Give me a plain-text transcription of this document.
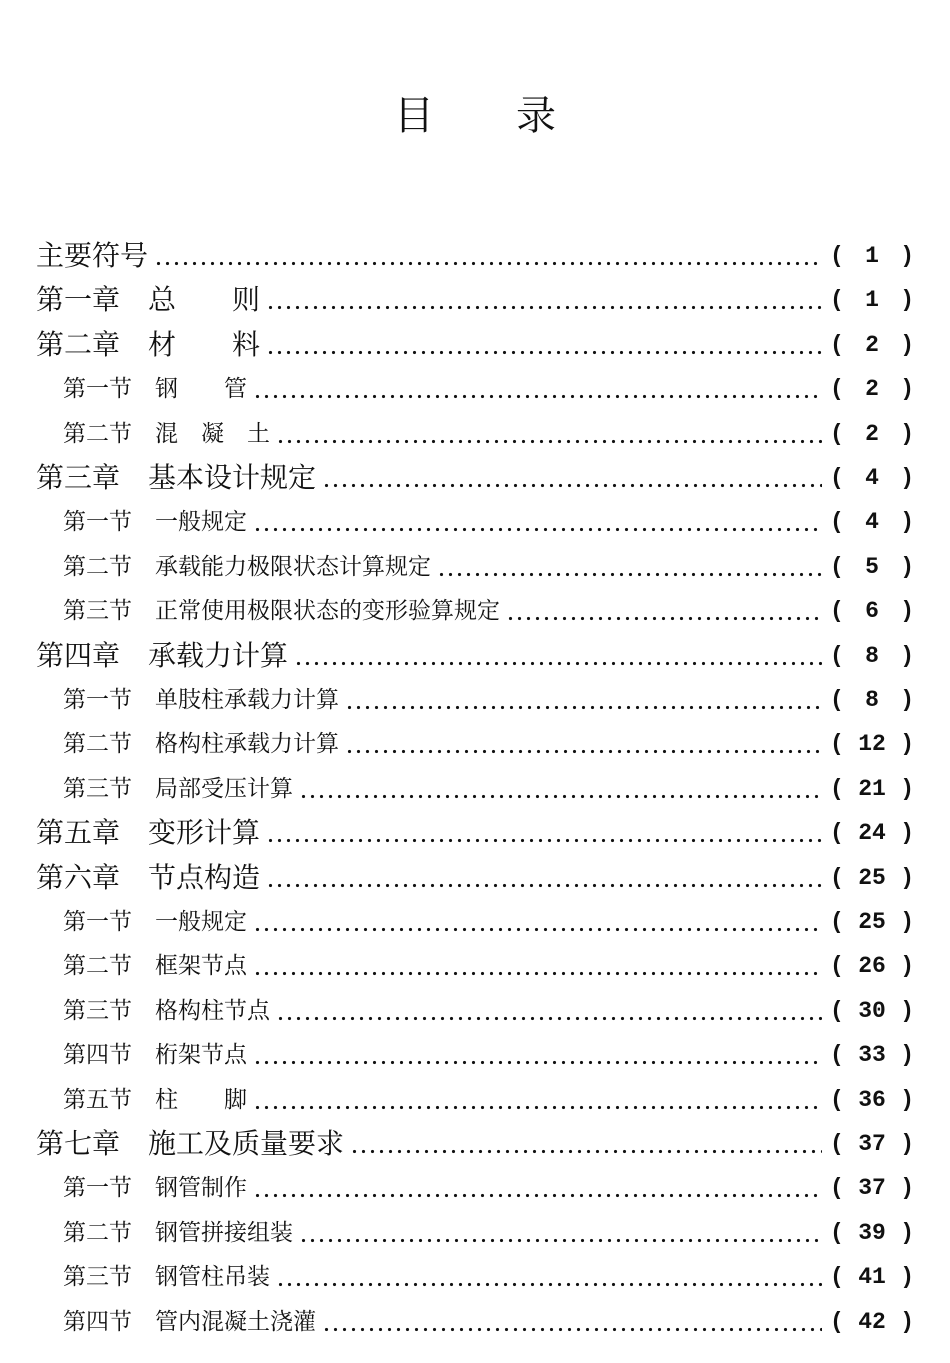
目 录
主要符号	( 1 )
第一章　总　　则	( 1 )
第二章　材　　料	( 2 )
第一节　钢　　管	( 2 )
第二节　混　凝　土	( 2 )
第三章　基本设计规定	( 4 )
第一节　一般规定	( 4 )
第二节　承载能力极限状态计算规定	( 5 )
第三节　正常使用极限状态的变形验算规定	( 6 )
第四章　承载力计算	( 8 )
第一节　单肢柱承载力计算	( 8 )
第二节　格构柱承载力计算	( 12 )
第三节　局部受压计算	( 21 )
第五章　变形计算	( 24 )
第六章　节点构造	( 25 )
第一节　一般规定	( 25 )
第二节　框架节点	( 26 )
第三节　格构柱节点	( 30 )
第四节　桁架节点	( 33 )
第五节　柱　　脚	( 36 )
第七章　施工及质量要求	( 37 )
第一节　钢管制作	( 37 )
第二节　钢管拼接组装	( 39 )
第三节　钢管柱吊装	( 41 )
第四节　管内混凝土浇灌	( 42 )
